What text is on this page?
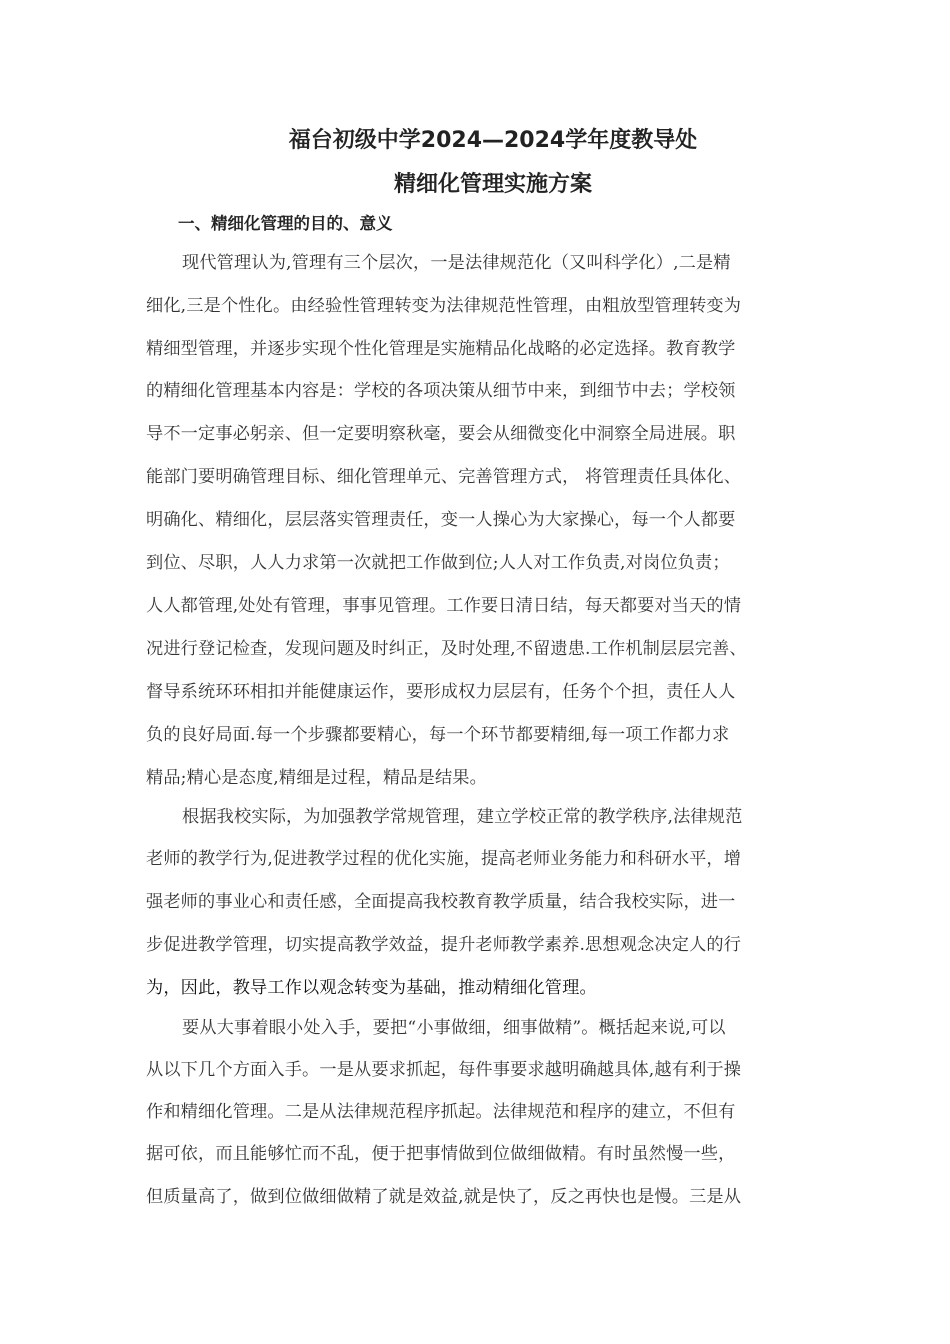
福台初级中学2024—2024学年度教导处
精细化管理实施方案
一、精细化管理的目的、意义
现代管理认为,管理有三个层次，一是法律规范化（又叫科学化）,二是精
细化,三是个性化。由经验性管理转变为法律规范性管理，由粗放型管理转变为
精细型管理，并逐步实现个性化管理是实施精品化战略的必定选择。教育教学
的精细化管理基本内容是：学校的各项决策从细节中来，到细节中去；学校领
导不一定事必躬亲、但一定要明察秋毫，要会从细微变化中洞察全局进展。职
能部门要明确管理目标、细化管理单元、完善管理方式， 将管理责任具体化、
明确化、精细化，层层落实管理责任，变一人操心为大家操心，每一个人都要
到位、尽职，人人力求第一次就把工作做到位;人人对工作负责,对岗位负责；
人人都管理,处处有管理，事事见管理。工作要日清日结，每天都要对当天的情
况进行登记检查，发现问题及时纠正，及时处理,不留遗患.工作机制层层完善、
督导系统环环相扣并能健康运作，要形成权力层层有，任务个个担，责任人人
负的良好局面.每一个步骤都要精心，每一个环节都要精细,每一项工作都力求
精品;精心是态度,精细是过程，精品是结果。
根据我校实际，为加强教学常规管理，建立学校正常的教学秩序,法律规范
老师的教学行为,促进教学过程的优化实施，提高老师业务能力和科研水平，增
强老师的事业心和责任感，全面提高我校教育教学质量，结合我校实际，进一
步促进教学管理，切实提高教学效益，提升老师教学素养.思想观念决定人的行
为，因此，教导工作以观念转变为基础，推动精细化管理。
要从大事着眼小处入手，要把“小事做细，细事做精”。概括起来说,可以
从以下几个方面入手。一是从要求抓起，每件事要求越明确越具体,越有利于操
作和精细化管理。二是从法律规范程序抓起。法律规范和程序的建立，不但有
据可依，而且能够忙而不乱，便于把事情做到位做细做精。有时虽然慢一些，
但质量高了，做到位做细做精了就是效益,就是快了，反之再快也是慢。三是从
